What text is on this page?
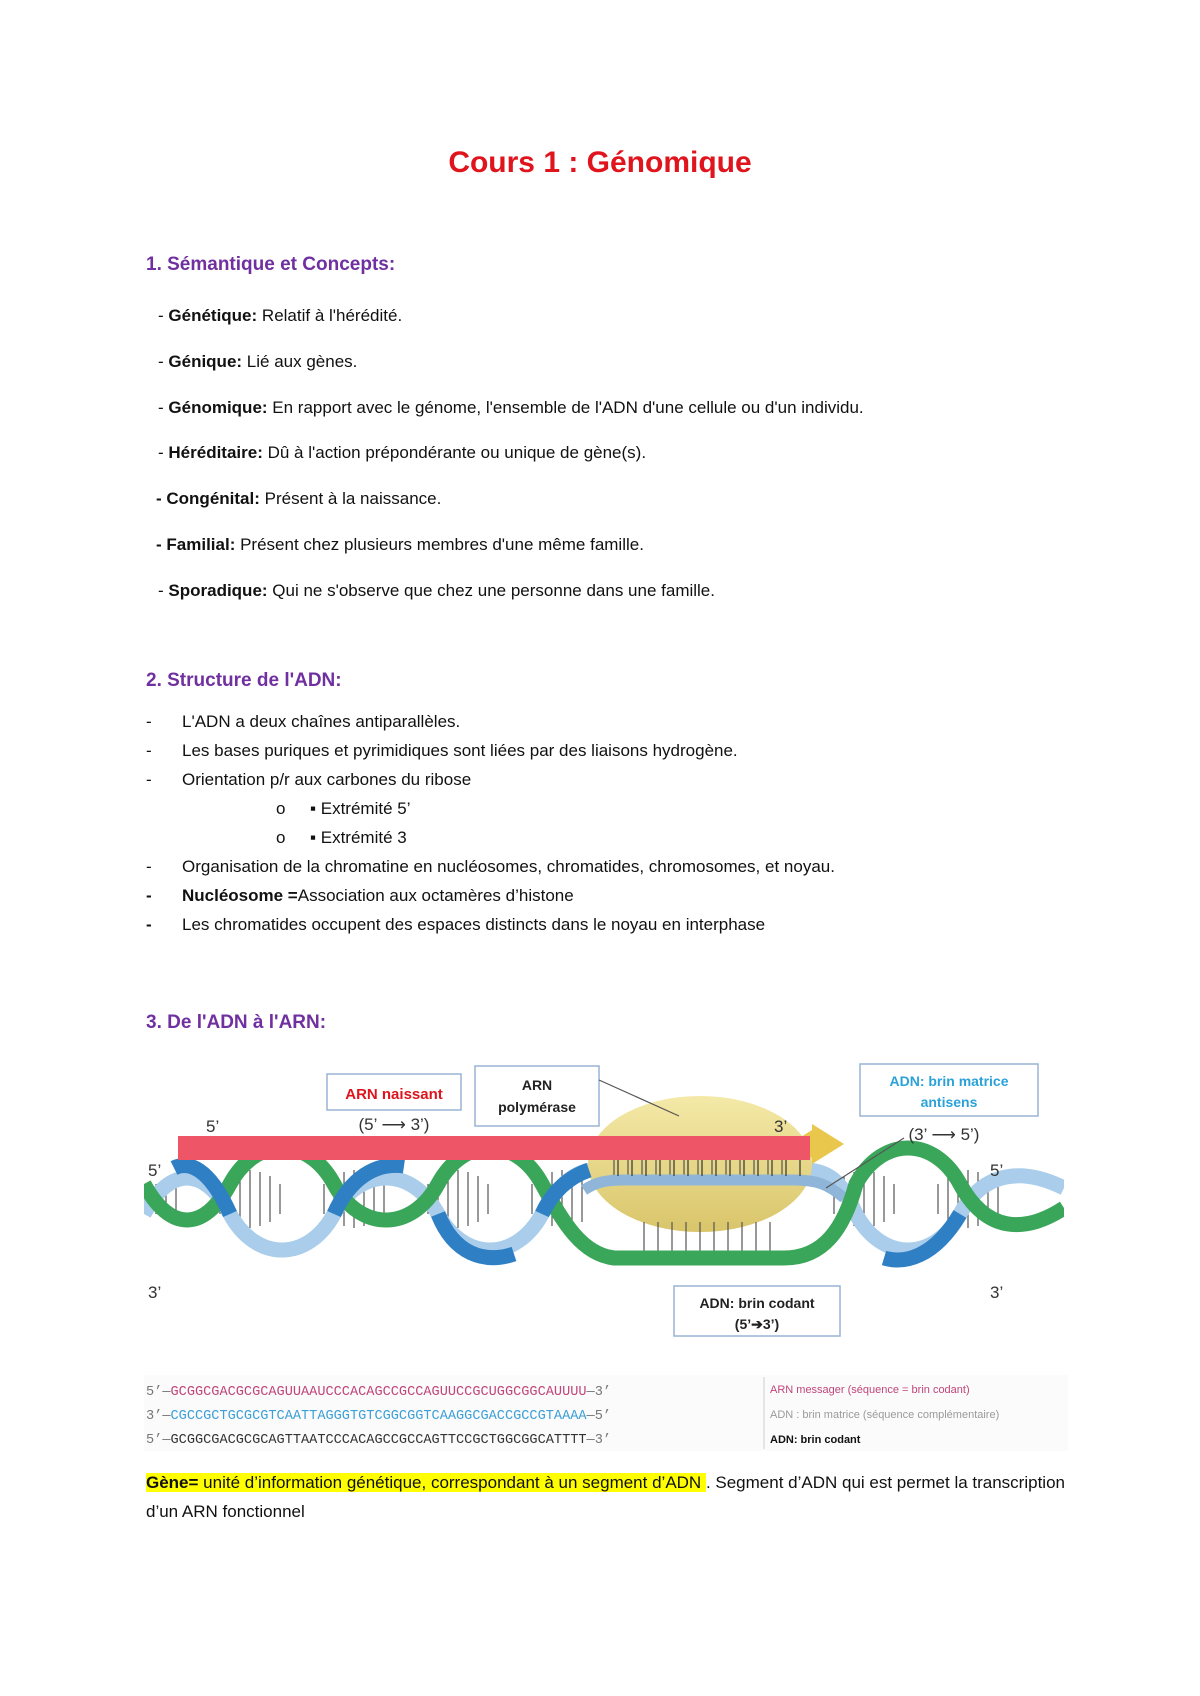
Cours 1 : Génomique
1. Sémantique et Concepts:

- Génétique: Relatif à l'hérédité.

- Génique: Lié aux gènes.

- Génomique: En rapport avec le génome, l'ensemble de l'ADN d'une cellule ou d'un individu.

- Héréditaire: Dû à l'action prépondérante ou unique de gène(s).

- Congénital: Présent à la naissance.

- Familial: Présent chez plusieurs membres d'une même famille.

- Sporadique: Qui ne s'observe que chez une personne dans une famille.

2. Structure de l'ADN:
- L'ADN a deux chaînes antiparallèles.
- Les bases puriques et pyrimidiques sont liées par des liaisons hydrogène.
- Orientation p/r aux carbones du ribose
o ▪ Extrémité 5’
o ▪ Extrémité 3
- Organisation de la chromatine en nucléosomes, chromatides, chromosomes, et noyau.
- Nucléosome =Association aux octamères d’histone
- Les chromatides occupent des espaces distincts dans le noyau en interphase
3. De l'ADN à l'ARN:
ARN naissant
(5’ ⟶ 3’)
ARN
polymérase
ADN: brin matrice
antisens
(3’ ⟶ 5’)
ADN: brin codant
(5’➔3’)
5’	3’
5’
3’
5’
3’
5’—GCGGCGACGCGCAGUUAAUCCCACAGCCGCCAGUUCCGCUGGCGGCAUUUU—3’
3’—CGCCGCTGCGCGTCAATTAGGGTGTCGGCGGTCAAGGCGACCGCCGTAAAA—5’
5’—GCGGCGACGCGCAGTTAATCCCACAGCCGCCAGTTCCGCTGGCGGCATTTT—3’
ARN messager (séquence = brin codant)
ADN : brin matrice (séquence complémentaire)
ADN: brin codant

Gène= unité d’information génétique, correspondant à un segment d’ADN . Segment d’ADN qui est permet la transcription d’un ARN fonctionnel
